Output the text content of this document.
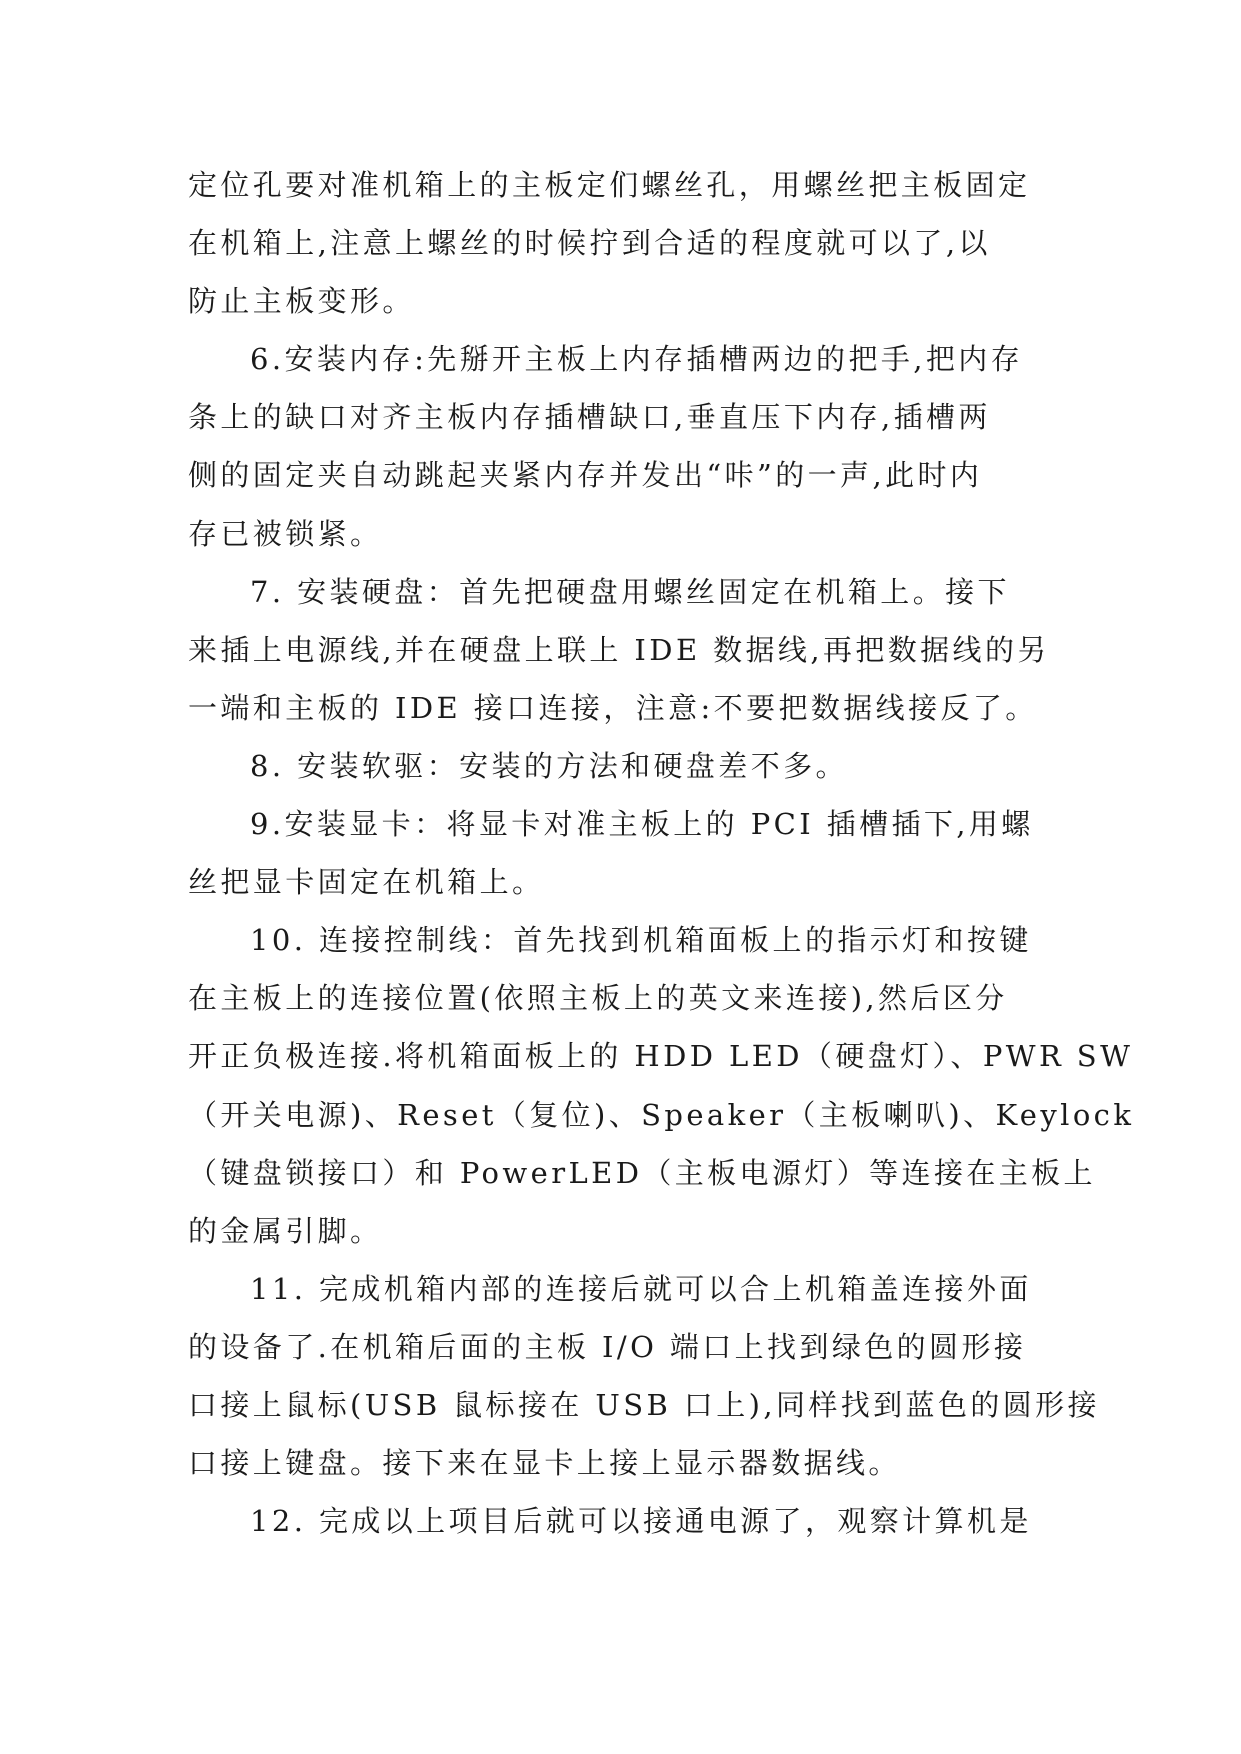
定位孔要对准机箱上的主板定们螺丝孔，用螺丝把主板固定

在机箱上,注意上螺丝的时候拧到合适的程度就可以了,以

防止主板变形。

6.安装内存:先掰开主板上内存插槽两边的把手,把内存

条上的缺口对齐主板内存插槽缺口,垂直压下内存,插槽两

侧的固定夹自动跳起夹紧内存并发出“咔”的一声,此时内

存已被锁紧。

7. 安装硬盘：首先把硬盘用螺丝固定在机箱上。接下

来插上电源线,并在硬盘上联上 IDE 数据线,再把数据线的另

一端和主板的 IDE 接口连接，注意:不要把数据线接反了。

8. 安装软驱：安装的方法和硬盘差不多。

9.安装显卡：将显卡对准主板上的 PCI 插槽插下,用螺

丝把显卡固定在机箱上。

10. 连接控制线：首先找到机箱面板上的指示灯和按键

在主板上的连接位置(依照主板上的英文来连接),然后区分

开正负极连接.将机箱面板上的 HDD LED（硬盘灯）、PWR SW

（开关电源)、Reset（复位)、Speaker（主板喇叭)、Keylock

（键盘锁接口）和 PowerLED（主板电源灯）等连接在主板上

的金属引脚。

11. 完成机箱内部的连接后就可以合上机箱盖连接外面

的设备了.在机箱后面的主板 I/O 端口上找到绿色的圆形接

口接上鼠标(USB 鼠标接在 USB 口上),同样找到蓝色的圆形接

口接上键盘。接下来在显卡上接上显示器数据线。

12. 完成以上项目后就可以接通电源了，观察计算机是
